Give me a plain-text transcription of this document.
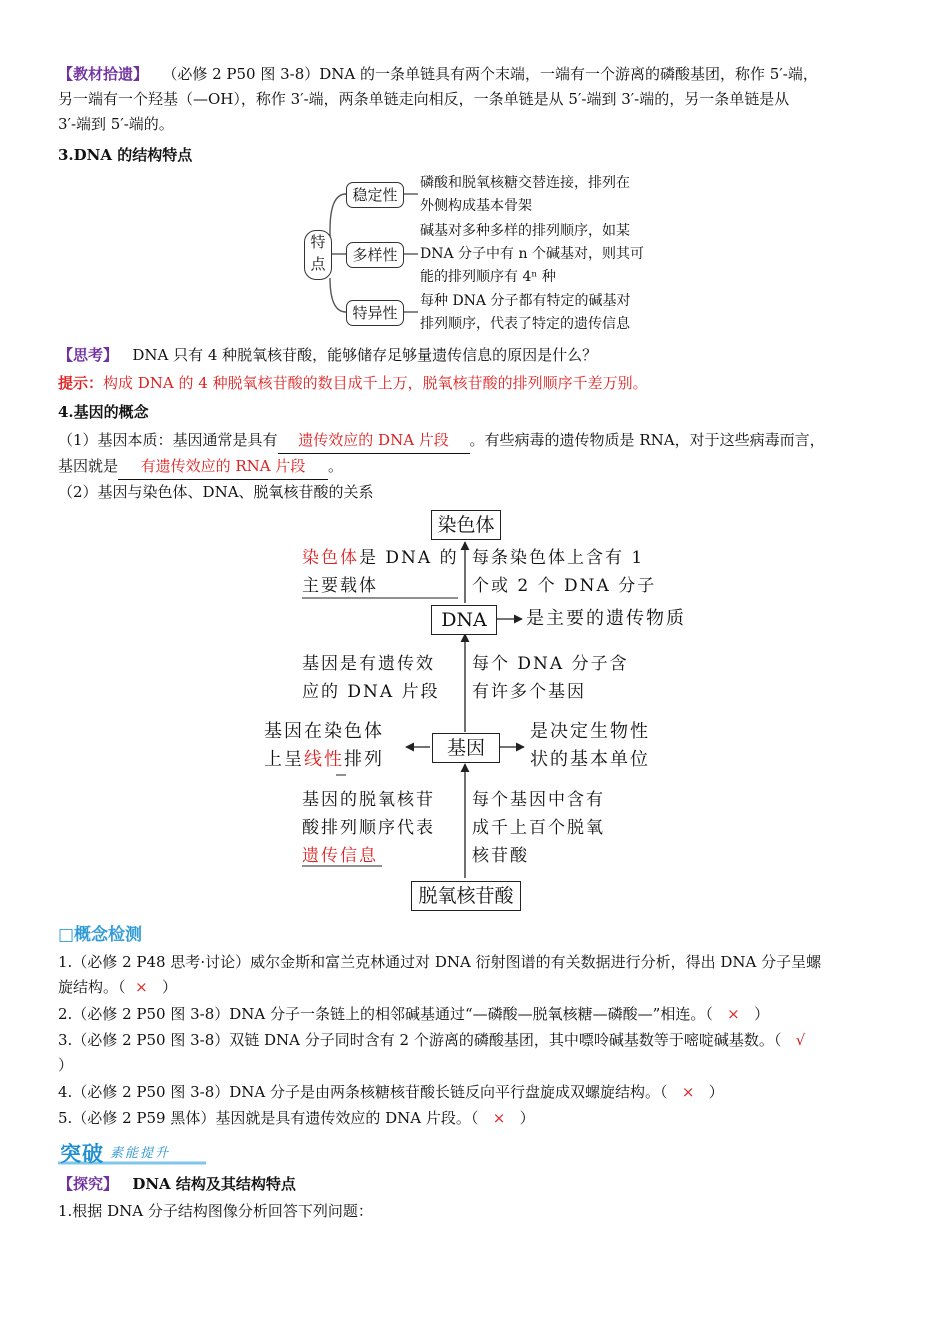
【教材拾遗】 （必修 2 P50 图 3-8）DNA 的一条单链具有两个末端，一端有一个游离的磷酸基团，称作 5′-端，
另一端有一个羟基（—OH），称作 3′-端，两条单链走向相反，一条单链是从 5′-端到 3′-端的，另一条单链是从
3′-端到 5′-端的。
3.DNA 的结构特点
特点
稳定性
多样性
特异性
磷酸和脱氧核糖交替连接，排列在
外侧构成基本骨架
碱基对多种多样的排列顺序，如某
DNA 分子中有 n 个碱基对，则其可
能的排列顺序有 4ⁿ 种
每种 DNA 分子都有特定的碱基对
排列顺序，代表了特定的遗传信息
【思考】 DNA 只有 4 种脱氧核苷酸，能够储存足够量遗传信息的原因是什么？
提示：构成 DNA 的 4 种脱氧核苷酸的数目成千上万，脱氧核苷酸的排列顺序千差万别。
4.基因的概念
（1）基因本质：基因通常是具有 遗传效应的 DNA 片段 。有些病毒的遗传物质是 RNA，对于这些病毒而言，
基因就是 有遗传效应的 RNA 片段 。
（2）基因与染色体、DNA、脱氧核苷酸的关系
染色体
DNA
基因
脱氧核苷酸
染色体是 DNA 的
主要载体
每条染色体上含有 1
个或 2 个 DNA 分子
是主要的遗传物质
基因是有遗传效
应的 DNA 片段
每个 DNA 分子含
有许多个基因
基因在染色体
上呈线性排列
是决定生物性
状的基本单位
基因的脱氧核苷
酸排列顺序代表
遗传信息
每个基因中含有
成千上百个脱氧
核苷酸
□概念检测
1.（必修 2 P48 思考·讨论）威尔金斯和富兰克林通过对 DNA 衍射图谱的有关数据进行分析，得出 DNA 分子呈螺
旋结构。（ × ）
2.（必修 2 P50 图 3-8）DNA 分子一条链上的相邻碱基通过“—磷酸—脱氧核糖—磷酸—”相连。（ × ）
3.（必修 2 P50 图 3-8）双链 DNA 分子同时含有 2 个游离的磷酸基团，其中嘌呤碱基数等于嘧啶碱基数。（ √
）
4.（必修 2 P50 图 3-8）DNA 分子是由两条核糖核苷酸长链反向平行盘旋成双螺旋结构。（ × ）
5.（必修 2 P59 黑体）基因就是具有遗传效应的 DNA 片段。（ × ）
突破 素能提升
【探究】 DNA 结构及其结构特点
1.根据 DNA 分子结构图像分析回答下列问题：
